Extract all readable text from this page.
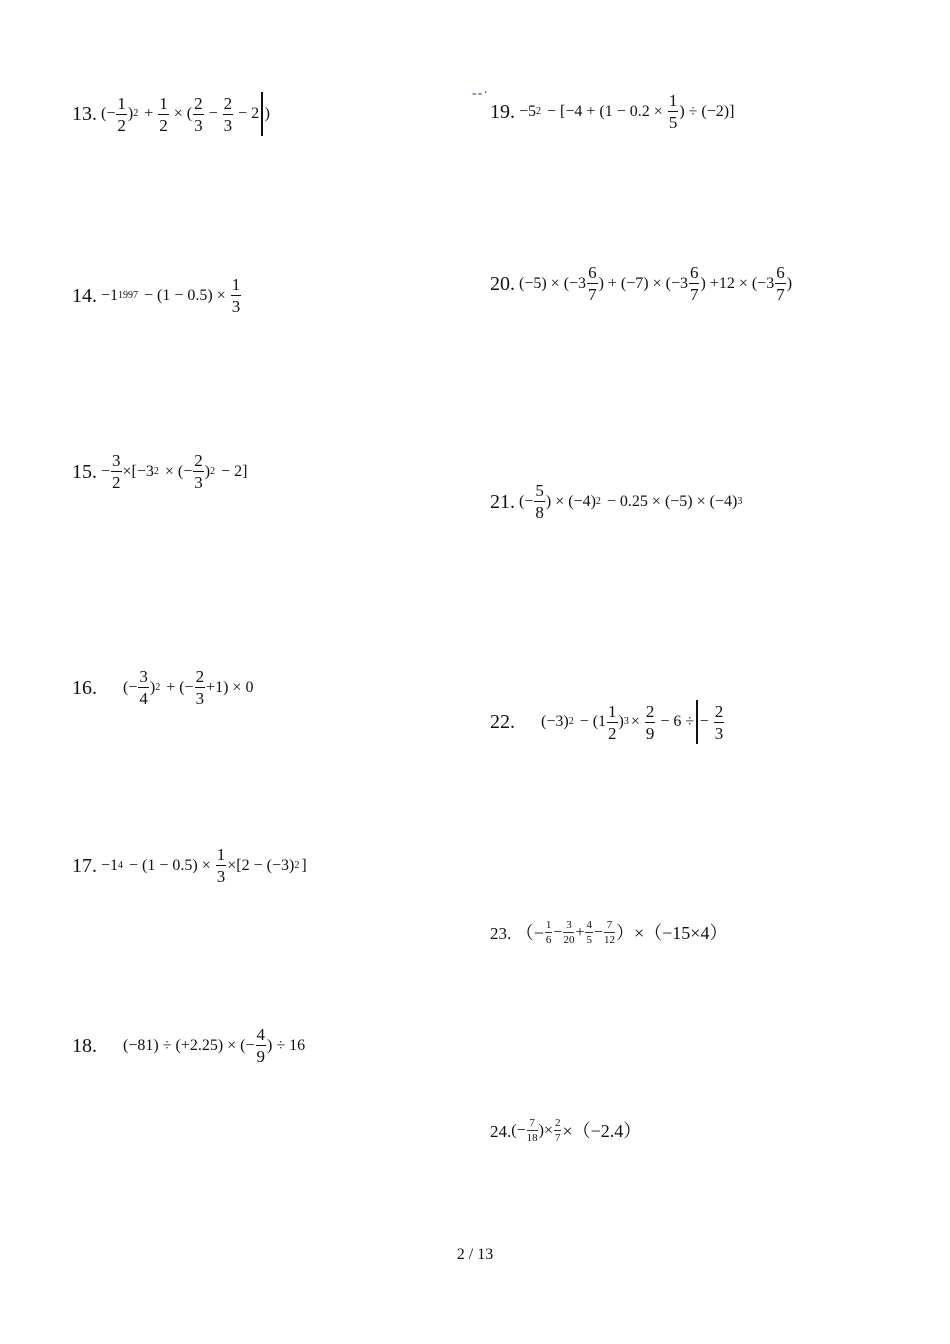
--·
13. (− $\frac{1}{2} )2 + \frac{1}{2}$ × ( $\frac{2}{3} - \frac{2}{3} - 2$ )
14. $-11997 - (1 - 0.5) \times \frac{1}{3}$
15. − $\frac{3}{2} \times[-32$ × (− $\frac{2}{3} )2 - 2$]
16. (− $\frac{3}{4} )2$ + (− $\frac{2}{3} +1) \times 0$
17. $-14 - (1 - 0.5) \times \frac{1}{3} \times[2 - (-3)2$ ]
18. (−81) ÷ (+2.25) × (− $\frac{4}{9}$ ) ÷ 16
19. $-52 - [-4 + (1 - 0.2 \times \frac{1}{5}$ ) ÷ (−2)]
20. $(-5) \times (-3 \frac{6}{7}$ ) + $(-7) \times (-3 \frac{6}{7}$ ) $+12 \times (-3 \frac{6}{7}$ )
21. (− $\frac{5}{8}$ ) × (−4)2 − 0.25 × (−5) × (−4)3
22. $(-3)2 - (1 \frac{1}{2} )3 \times \frac{2}{9} - 6$ ÷ − $\frac{2}{3}$
23. （− $\frac{1}{6} - \frac{3}{20} + \frac{4}{5} - \frac{7}{12} )\times(-15\times 4)$
$24.(- \frac{7}{18}$ )× $\frac{2}{7} \times(-2.4)$
2 / 13
